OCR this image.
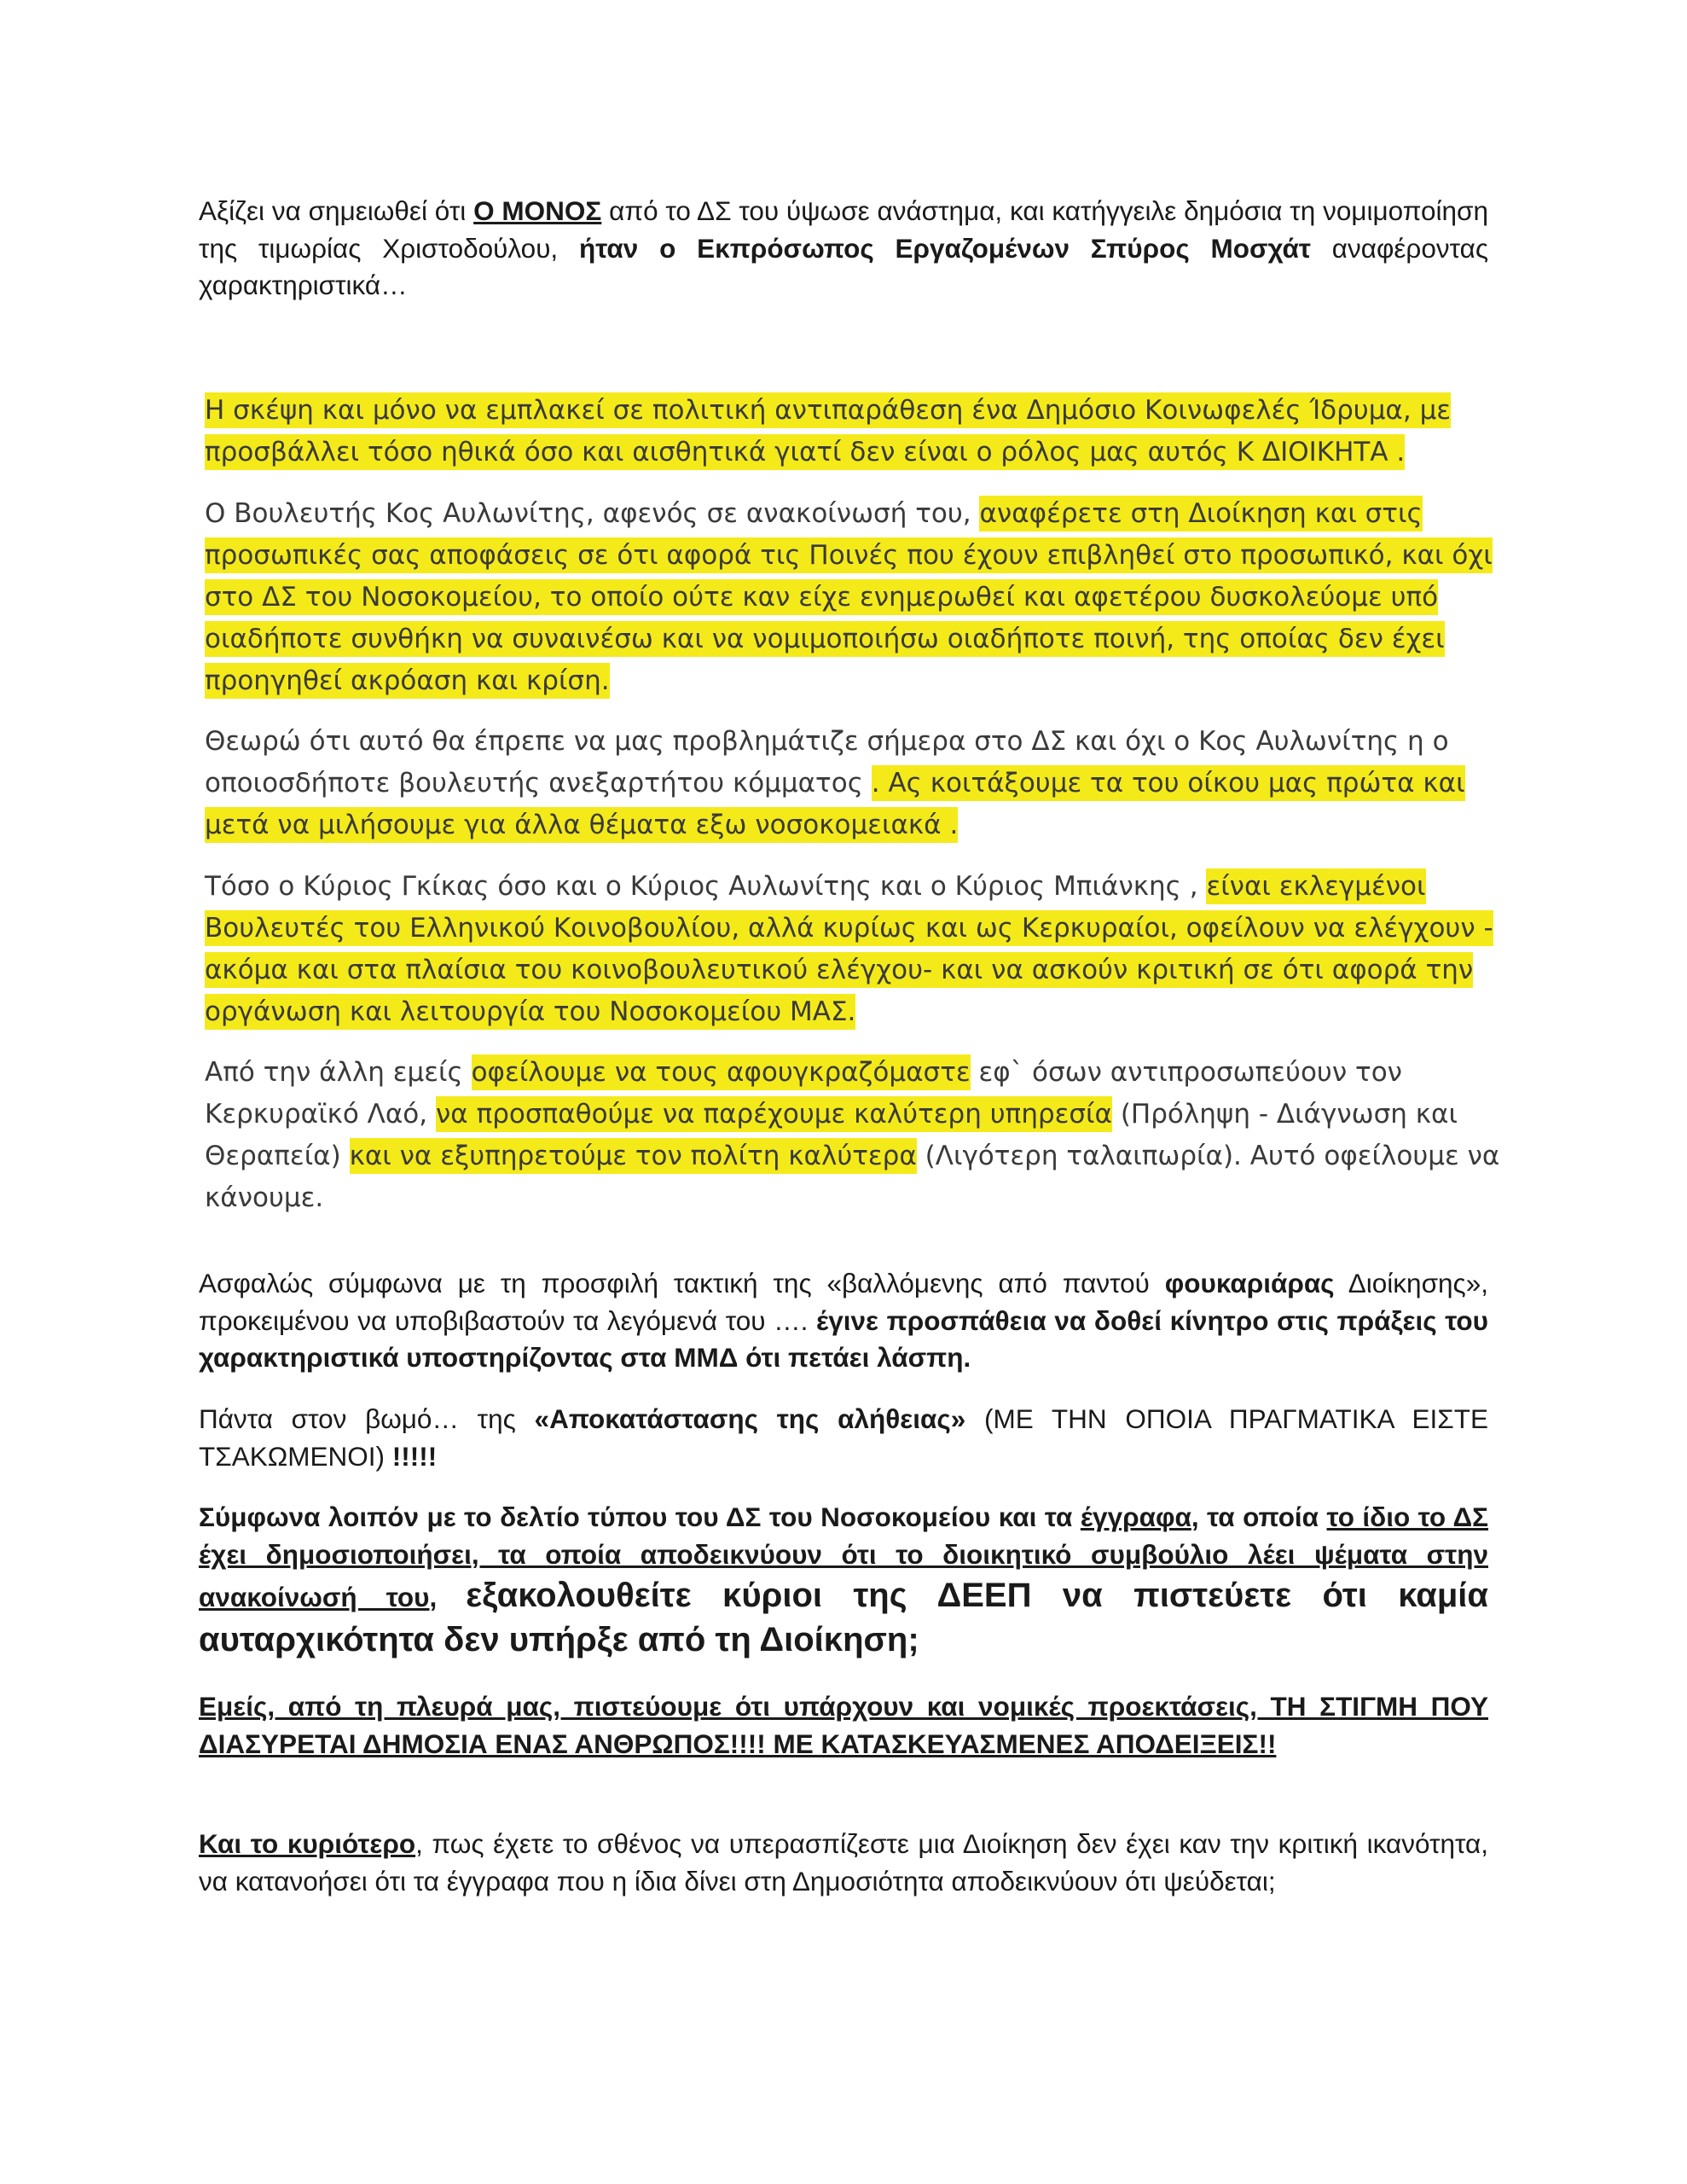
Αξίζει να σημειωθεί ότι Ο ΜΟΝΟΣ από το ΔΣ του ύψωσε ανάστημα, και κατήγγειλε δημόσια τη νομιμοποίηση της τιμωρίας Χριστοδούλου, ήταν ο Εκπρόσωπος Εργαζομένων Σπύρος Μοσχάτ αναφέροντας χαρακτηριστικά…

Η σκέψη και μόνο να εμπλακεί σε πολιτική αντιπαράθεση ένα Δημόσιο Κοινωφελές Ίδρυμα, με

προσβάλλει τόσο ηθικά όσο και αισθητικά γιατί δεν είναι ο ρόλος μας αυτός Κ ΔΙΟΙΚΗΤΑ .

Ο Βουλευτής Κος Αυλωνίτης, αφενός σε ανακοίνωσή του, αναφέρετε στη Διοίκηση και στις

προσωπικές σας αποφάσεις σε ότι αφορά τις Ποινές που έχουν επιβληθεί στο προσωπικό, και όχι

στο ΔΣ του Νοσοκομείου, το οποίο ούτε καν είχε ενημερωθεί και αφετέρου δυσκολεύομε υπό

οιαδήποτε συνθήκη να συναινέσω και να νομιμοποιήσω οιαδήποτε ποινή, της οποίας δεν έχει

προηγηθεί ακρόαση και κρίση.

Θεωρώ ότι αυτό θα έπρεπε να μας προβλημάτιζε σήμερα στο ΔΣ και όχι ο Κος Αυλωνίτης η ο

οποιοσδήποτε βουλευτής ανεξαρτήτου κόμματος . Ας κοιτάξουμε τα του οίκου μας πρώτα και

μετά να μιλήσουμε για άλλα θέματα εξω νοσοκομειακά .

Τόσο ο Κύριος Γκίκας όσο και ο Κύριος Αυλωνίτης και ο Κύριος Μπιάνκης , είναι εκλεγμένοι

Βουλευτές του Ελληνικού Κοινοβουλίου, αλλά κυρίως και ως Κερκυραίοι, οφείλουν να ελέγχουν -

ακόμα και στα πλαίσια του κοινοβουλευτικού ελέγχου- και να ασκούν κριτική σε ότι αφορά την

οργάνωση και λειτουργία του Νοσοκομείου ΜΑΣ.

Από την άλλη εμείς οφείλουμε να τους αφουγκραζόμαστε εφ` όσων αντιπροσωπεύουν τον

Κερκυραϊκό Λαό, να προσπαθούμε να παρέχουμε καλύτερη υπηρεσία (Πρόληψη - Διάγνωση και

Θεραπεία) και να εξυπηρετούμε τον πολίτη καλύτερα (Λιγότερη ταλαιπωρία). Αυτό οφείλουμε να

κάνουμε.

Ασφαλώς σύμφωνα με τη προσφιλή τακτική της «βαλλόμενης από παντού φουκαριάρας Διοίκησης», προκειμένου να υποβιβαστούν τα λεγόμενά του …. έγινε προσπάθεια να δοθεί κίνητρο στις πράξεις του χαρακτηριστικά υποστηρίζοντας στα ΜΜΔ ότι πετάει λάσπη.

Πάντα στον βωμό… της «Αποκατάστασης της αλήθειας» (ΜΕ ΤΗΝ ΟΠΟΙΑ ΠΡΑΓΜΑΤΙΚΑ ΕΙΣΤΕ ΤΣΑΚΩΜΕΝΟΙ) !!!!!

Σύμφωνα λοιπόν με το δελτίο τύπου του ΔΣ του Νοσοκομείου και τα έγγραφα, τα οποία το ίδιο το ΔΣ έχει δημοσιοποιήσει, τα οποία αποδεικνύουν ότι το διοικητικό συμβούλιο λέει ψέματα στην ανακοίνωσή του, εξακολουθείτε κύριοι της ΔΕΕΠ να πιστεύετε ότι καμία αυταρχικότητα δεν υπήρξε από τη Διοίκηση;

Εμείς, από τη πλευρά μας, πιστεύουμε ότι υπάρχουν και νομικές προεκτάσεις, ΤΗ ΣΤΙΓΜΗ ΠΟΥ ΔΙΑΣΥΡΕΤΑΙ ΔΗΜΟΣΙΑ ΕΝΑΣ ΑΝΘΡΩΠΟΣ!!!! ΜΕ ΚΑΤΑΣΚΕΥΑΣΜΕΝΕΣ ΑΠΟΔΕΙΞΕΙΣ!!

Και το κυριότερο, πως έχετε το σθένος να υπερασπίζεστε μια Διοίκηση δεν έχει καν την κριτική ικανότητα, να κατανοήσει ότι τα έγγραφα που η ίδια δίνει στη Δημοσιότητα αποδεικνύουν ότι ψεύδεται;
